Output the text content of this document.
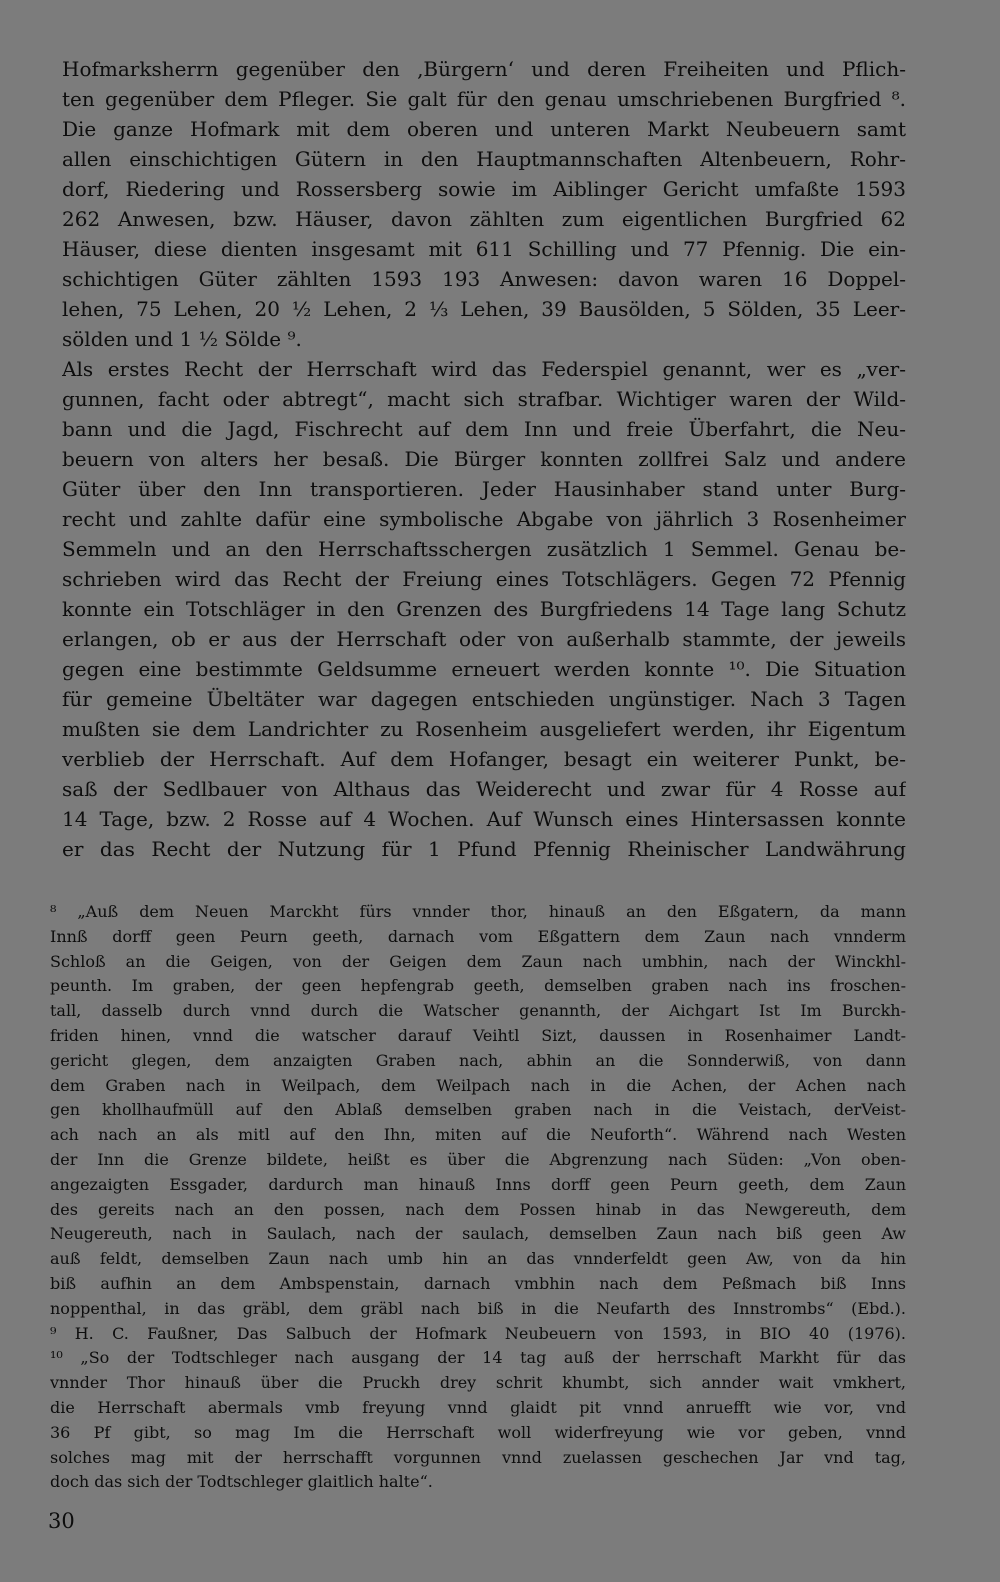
Hofmarksherrn gegenüber den ‚Bürgern‘ und deren Freiheiten und Pflich-
ten gegenüber dem Pfleger. Sie galt für den genau umschriebenen Burgfried ⁸.
Die ganze Hofmark mit dem oberen und unteren Markt Neubeuern samt
allen einschichtigen Gütern in den Hauptmannschaften Altenbeuern, Rohr-
dorf, Riedering und Rossersberg sowie im Aiblinger Gericht umfaßte 1593
262 Anwesen, bzw. Häuser, davon zählten zum eigentlichen Burgfried 62
Häuser, diese dienten insgesamt mit 611 Schilling und 77 Pfennig. Die ein-
schichtigen Güter zählten 1593 193 Anwesen: davon waren 16 Doppel-
lehen, 75 Lehen, 20 ½ Lehen, 2 ⅓ Lehen, 39 Bausölden, 5 Sölden, 35 Leer-
sölden und 1 ½ Sölde ⁹.
Als erstes Recht der Herrschaft wird das Federspiel genannt, wer es „ver-
gunnen, facht oder abtregt“, macht sich strafbar. Wichtiger waren der Wild-
bann und die Jagd, Fischrecht auf dem Inn und freie Überfahrt, die Neu-
beuern von alters her besaß. Die Bürger konnten zollfrei Salz und andere
Güter über den Inn transportieren. Jeder Hausinhaber stand unter Burg-
recht und zahlte dafür eine symbolische Abgabe von jährlich 3 Rosenheimer
Semmeln und an den Herrschaftsschergen zusätzlich 1 Semmel. Genau be-
schrieben wird das Recht der Freiung eines Totschlägers. Gegen 72 Pfennig
konnte ein Totschläger in den Grenzen des Burgfriedens 14 Tage lang Schutz
erlangen, ob er aus der Herrschaft oder von außerhalb stammte, der jeweils
gegen eine bestimmte Geldsumme erneuert werden konnte ¹⁰. Die Situation
für gemeine Übeltäter war dagegen entschieden ungünstiger. Nach 3 Tagen
mußten sie dem Landrichter zu Rosenheim ausgeliefert werden, ihr Eigentum
verblieb der Herrschaft. Auf dem Hofanger, besagt ein weiterer Punkt, be-
saß der Sedlbauer von Althaus das Weiderecht und zwar für 4 Rosse auf
14 Tage, bzw. 2 Rosse auf 4 Wochen. Auf Wunsch eines Hintersassen konnte
er das Recht der Nutzung für 1 Pfund Pfennig Rheinischer Landwährung
⁸ „Auß dem Neuen Marckht fürs vnnder thor, hinauß an den Eßgatern, da mann
Innß dorff geen Peurn geeth, darnach vom Eßgattern dem Zaun nach vnnderm
Schloß an die Geigen, von der Geigen dem Zaun nach umbhin, nach der Winckhl-
peunth. Im graben, der geen hepfengrab geeth, demselben graben nach ins froschen-
tall, dasselb durch vnnd durch die Watscher genannth, der Aichgart Ist Im Burckh-
friden hinen, vnnd die watscher darauf Veihtl Sizt, daussen in Rosenhaimer Landt-
gericht glegen, dem anzaigten Graben nach, abhin an die Sonnderwiß, von dann
dem Graben nach in Weilpach, dem Weilpach nach in die Achen, der Achen nach
gen khollhaufmüll auf den Ablaß demselben graben nach in die Veistach, derVeist-
ach nach an als mitl auf den Ihn, miten auf die Neuforth“. Während nach Westen
der Inn die Grenze bildete, heißt es über die Abgrenzung nach Süden: „Von oben-
angezaigten Essgader, dardurch man hinauß Inns dorff geen Peurn geeth, dem Zaun
des gereits nach an den possen, nach dem Possen hinab in das Newgereuth, dem
Neugereuth, nach in Saulach, nach der saulach, demselben Zaun nach biß geen Aw
auß feldt, demselben Zaun nach umb hin an das vnnderfeldt geen Aw, von da hin
biß aufhin an dem Ambspenstain, darnach vmbhin nach dem Peßmach biß Inns
noppenthal, in das gräbl, dem gräbl nach biß in die Neufarth des Innstrombs“ (Ebd.).
⁹ H. C. Faußner, Das Salbuch der Hofmark Neubeuern von 1593, in BIO 40 (1976).
¹⁰ „So der Todtschleger nach ausgang der 14 tag auß der herrschaft Markht für das
vnnder Thor hinauß über die Pruckh drey schrit khumbt, sich annder wait vmkhert,
die Herrschaft abermals vmb freyung vnnd glaidt pit vnnd anruefft wie vor, vnd
36 Pf gibt, so mag Im die Herrschaft woll widerfreyung wie vor geben, vnnd
solches mag mit der herrschafft vorgunnen vnnd zuelassen geschechen Jar vnd tag,
doch das sich der Todtschleger glaitlich halte“.
30
